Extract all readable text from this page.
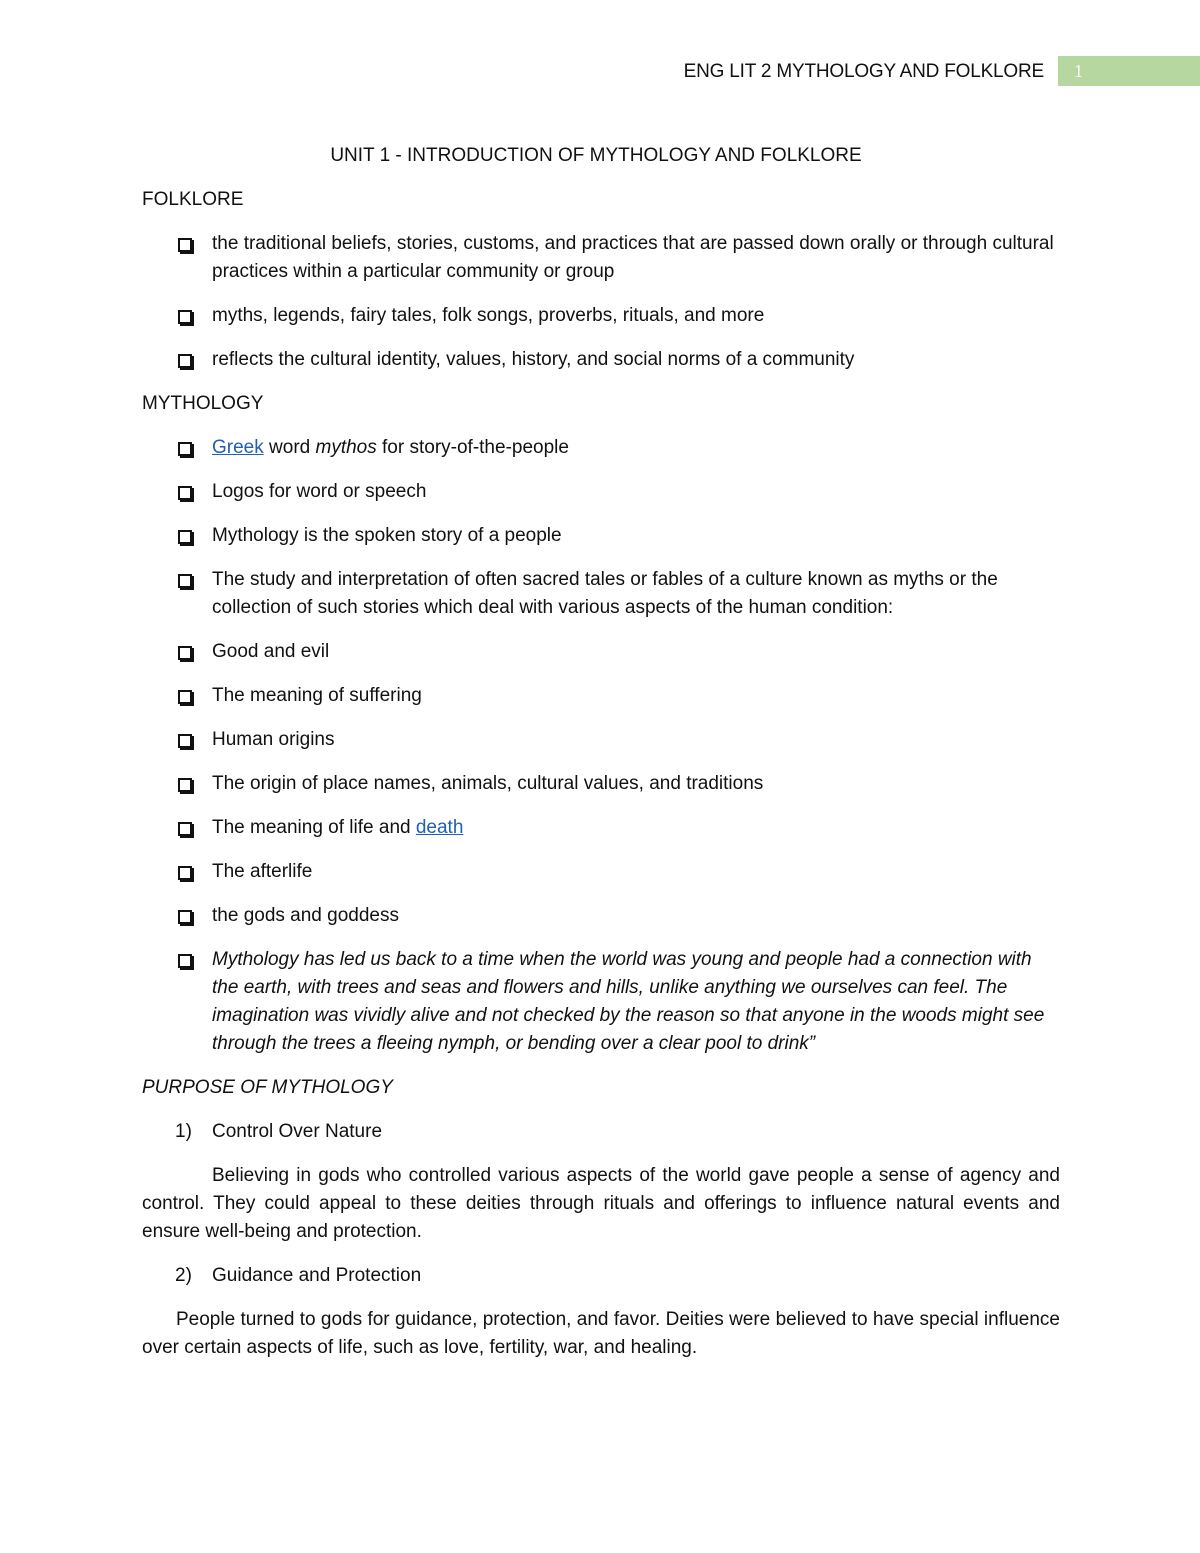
ENG LIT 2 MYTHOLOGY AND FOLKLORE	1
UNIT 1 - INTRODUCTION OF MYTHOLOGY AND FOLKLORE
FOLKLORE
the traditional beliefs, stories, customs, and practices that are passed down orally or through cultural practices within a particular community or group
myths, legends, fairy tales, folk songs, proverbs, rituals, and more
reflects the cultural identity, values, history, and social norms of a community
MYTHOLOGY
Greek word mythos for story-of-the-people
Logos for word or speech
Mythology is the spoken story of a people
The study and interpretation of often sacred tales or fables of a culture known as myths or the collection of such stories which deal with various aspects of the human condition:
Good and evil
The meaning of suffering
Human origins
The origin of place names, animals, cultural values, and traditions
The meaning of life and death
The afterlife
the gods and goddess
Mythology has led us back to a time when the world was young and people had a connection with the earth, with trees and seas and flowers and hills, unlike anything we ourselves can feel. The imagination was vividly alive and not checked by the reason so that anyone in the woods might see through the trees a fleeing nymph, or bending over a clear pool to drink”
PURPOSE OF MYTHOLOGY
1) Control Over Nature

Believing in gods who controlled various aspects of the world gave people a sense of agency and control. They could appeal to these deities through rituals and offerings to influence natural events and ensure well-being and protection.

2) Guidance and Protection

People turned to gods for guidance, protection, and favor. Deities were believed to have special influence over certain aspects of life, such as love, fertility, war, and healing.
